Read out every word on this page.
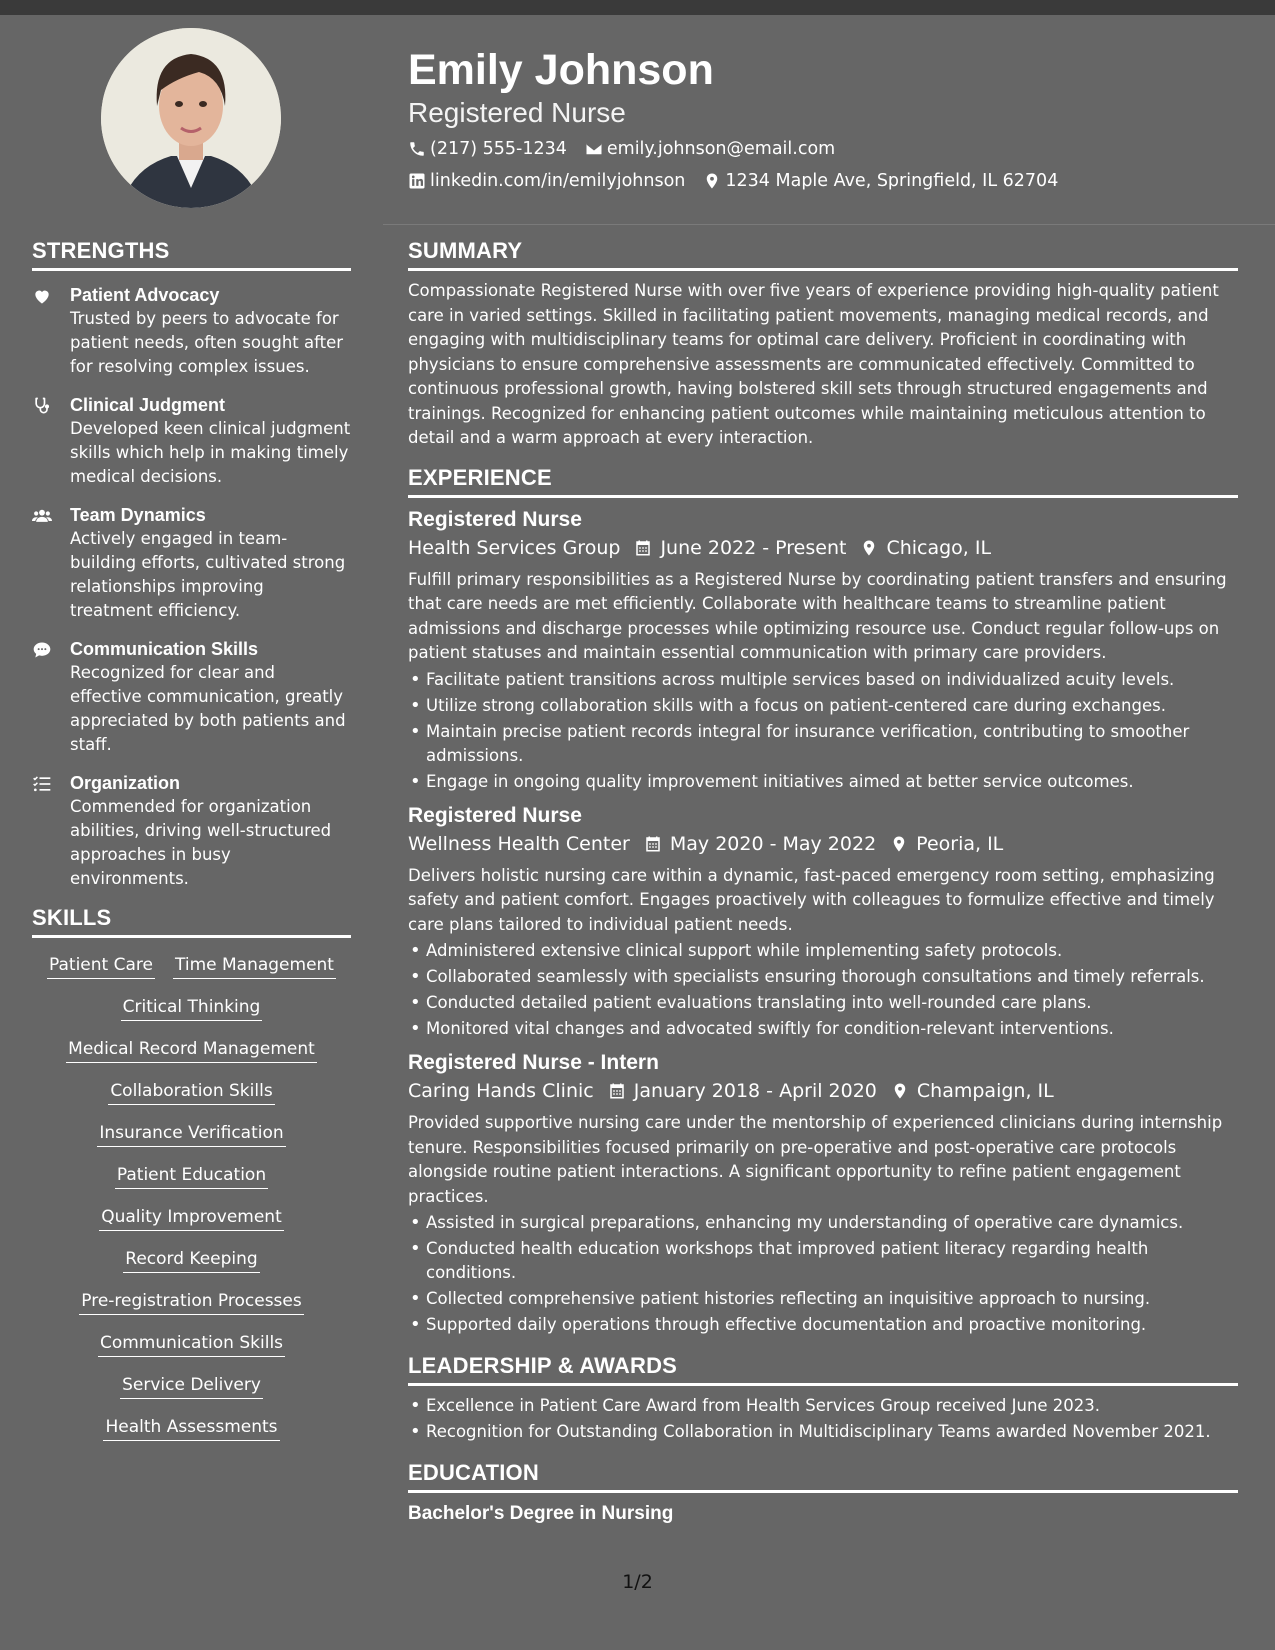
Emily Johnson
Registered Nurse
(217) 555-1234 emily.johnson@email.com
linkedin.com/in/emilyjohnson 1234 Maple Ave, Springfield, IL 62704
STRENGTHS
Patient Advocacy
Trusted by peers to advocate for patient needs, often sought after for resolving complex issues.
Clinical Judgment
Developed keen clinical judgment skills which help in making timely medical decisions.
Team Dynamics
Actively engaged in team-building efforts, cultivated strong relationships improving treatment efficiency.
Communication Skills
Recognized for clear and effective communication, greatly appreciated by both patients and staff.
Organization
Commended for organization abilities, driving well-structured approaches in busy environments.
SKILLS
Patient Care Time Management
Critical Thinking
Medical Record Management
Collaboration Skills
Insurance Verification
Patient Education
Quality Improvement
Record Keeping
Pre-registration Processes
Communication Skills
Service Delivery
Health Assessments
SUMMARY
Compassionate Registered Nurse with over five years of experience providing high-quality patient care in varied settings. Skilled in facilitating patient movements, managing medical records, and engaging with multidisciplinary teams for optimal care delivery. Proficient in coordinating with physicians to ensure comprehensive assessments are communicated effectively. Committed to continuous professional growth, having bolstered skill sets through structured engagements and trainings. Recognized for enhancing patient outcomes while maintaining meticulous attention to detail and a warm approach at every interaction.
EXPERIENCE
Registered Nurse
Health Services Group June 2022 - Present Chicago, IL
Fulfill primary responsibilities as a Registered Nurse by coordinating patient transfers and ensuring that care needs are met efficiently. Collaborate with healthcare teams to streamline patient admissions and discharge processes while optimizing resource use. Conduct regular follow-ups on patient statuses and maintain essential communication with primary care providers.
• Facilitate patient transitions across multiple services based on individualized acuity levels.
• Utilize strong collaboration skills with a focus on patient-centered care during exchanges.
• Maintain precise patient records integral for insurance verification, contributing to smoother admissions.
• Engage in ongoing quality improvement initiatives aimed at better service outcomes.
Registered Nurse
Wellness Health Center May 2020 - May 2022 Peoria, IL
Delivers holistic nursing care within a dynamic, fast-paced emergency room setting, emphasizing safety and patient comfort. Engages proactively with colleagues to formulize effective and timely care plans tailored to individual patient needs.
• Administered extensive clinical support while implementing safety protocols.
• Collaborated seamlessly with specialists ensuring thorough consultations and timely referrals.
• Conducted detailed patient evaluations translating into well-rounded care plans.
• Monitored vital changes and advocated swiftly for condition-relevant interventions.
Registered Nurse - Intern
Caring Hands Clinic January 2018 - April 2020 Champaign, IL
Provided supportive nursing care under the mentorship of experienced clinicians during internship tenure. Responsibilities focused primarily on pre-operative and post-operative care protocols alongside routine patient interactions. A significant opportunity to refine patient engagement practices.
• Assisted in surgical preparations, enhancing my understanding of operative care dynamics.
• Conducted health education workshops that improved patient literacy regarding health conditions.
• Collected comprehensive patient histories reflecting an inquisitive approach to nursing.
• Supported daily operations through effective documentation and proactive monitoring.
LEADERSHIP & AWARDS
• Excellence in Patient Care Award from Health Services Group received June 2023.
• Recognition for Outstanding Collaboration in Multidisciplinary Teams awarded November 2021.
EDUCATION
Bachelor's Degree in Nursing
1/2
